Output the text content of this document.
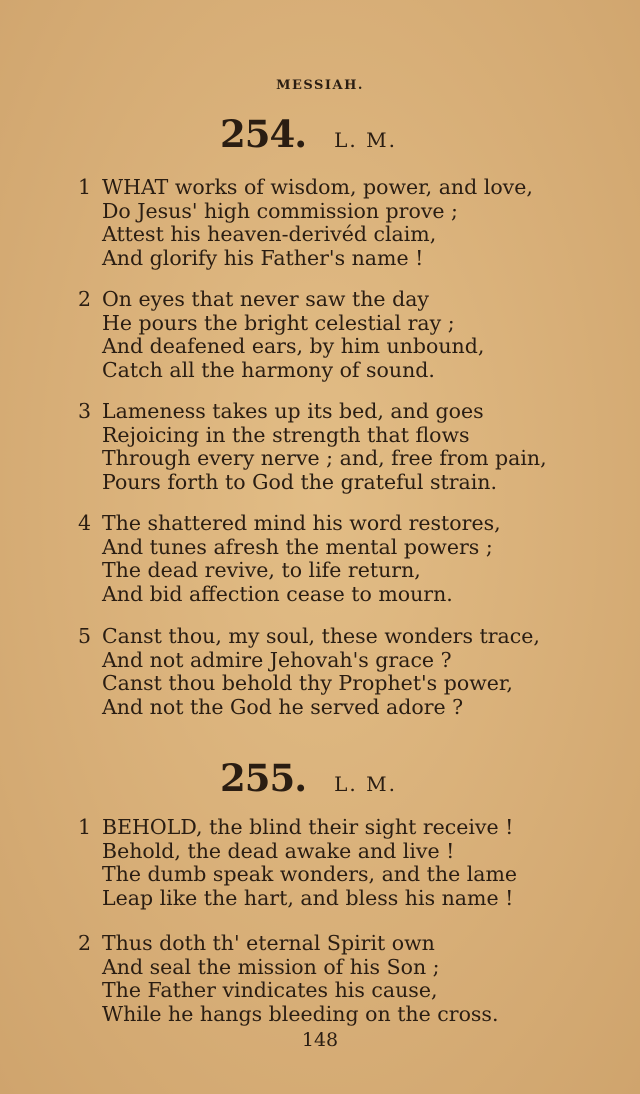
MESSIAH.
254. L. M.
1 WHAT works of wisdom, power, and love,
Do Jesus' high commission prove ;
Attest his heaven-derivéd claim,
And glorify his Father's name !
2 On eyes that never saw the day
He pours the bright celestial ray ;
And deafened ears, by him unbound,
Catch all the harmony of sound.
3 Lameness takes up its bed, and goes
Rejoicing in the strength that flows
Through every nerve ; and, free from pain,
Pours forth to God the grateful strain.
4 The shattered mind his word restores,
And tunes afresh the mental powers ;
The dead revive, to life return,
And bid affection cease to mourn.
5 Canst thou, my soul, these wonders trace,
And not admire Jehovah's grace ?
Canst thou behold thy Prophet's power,
And not the God he served adore ?
255. L. M.
1 BEHOLD, the blind their sight receive !
Behold, the dead awake and live !
The dumb speak wonders, and the lame
Leap like the hart, and bless his name !
2 Thus doth th' eternal Spirit own
And seal the mission of his Son ;
The Father vindicates his cause,
While he hangs bleeding on the cross.
148
